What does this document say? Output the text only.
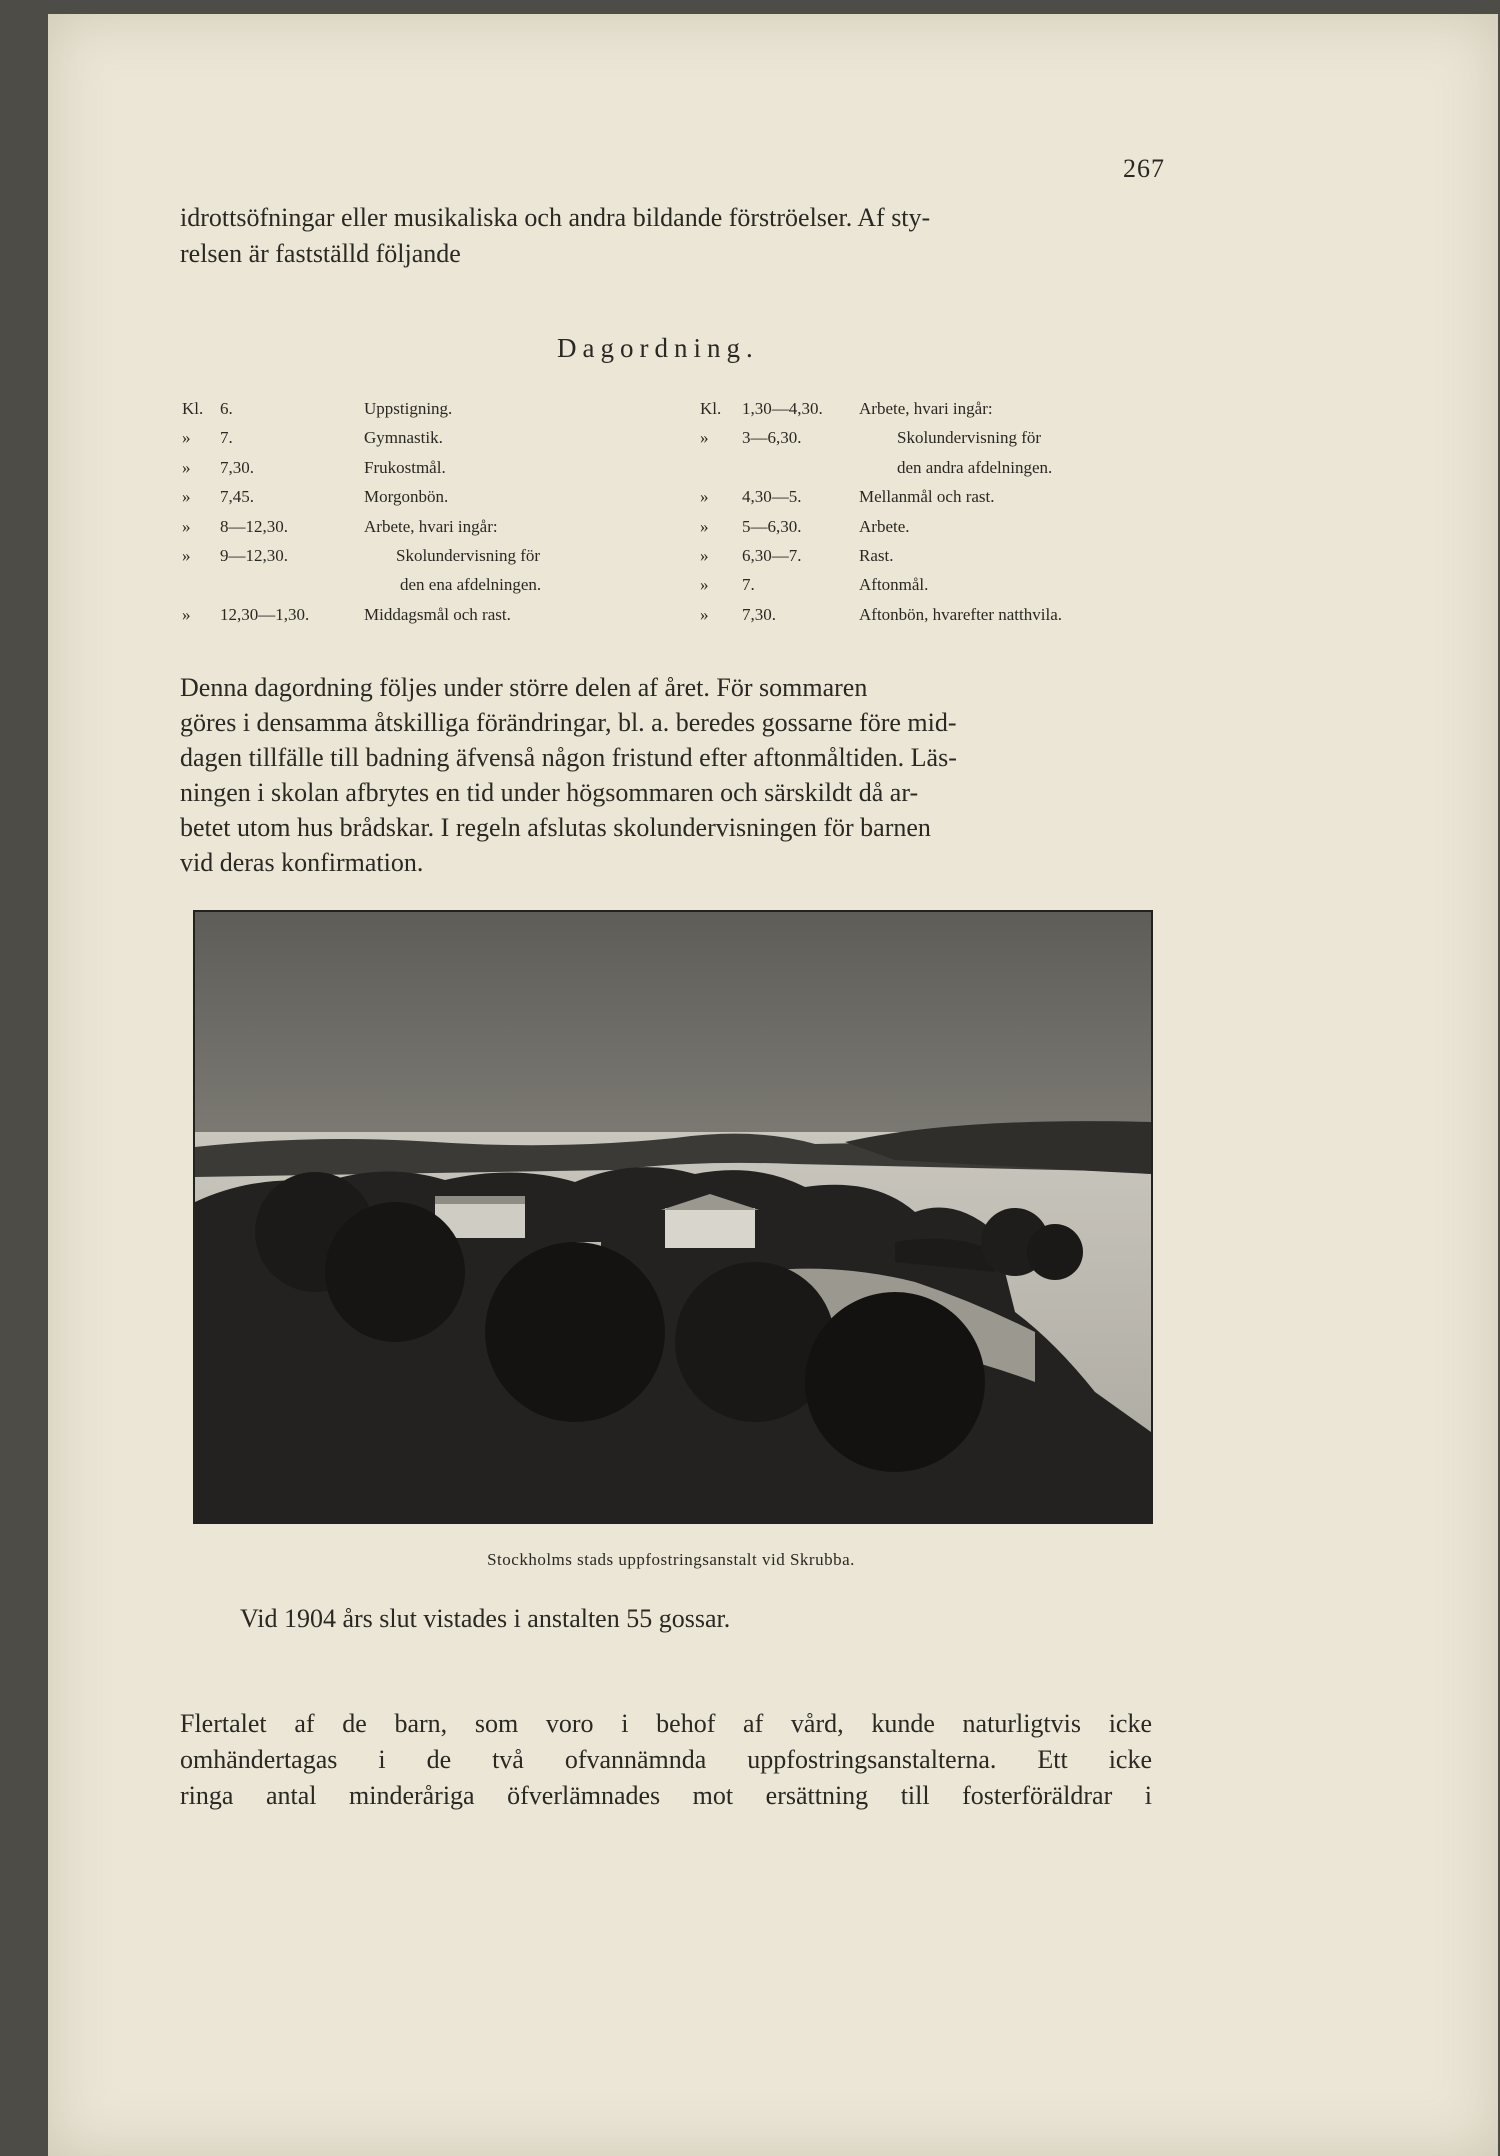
267
idrottsöfningar eller musikaliska och andra bildande förströelser. Af sty-
relsen är fastställd följande
Dagordning.
Kl. 6.	Uppstigning.
»	7.	Gymnastik.
»	7,30.	Frukostmål.
»	7,45.	Morgonbön.
»	8—12,30.	Arbete, hvari ingår:
»	9—12,30.	Skolundervisning för
den ena afdelningen.
»	12,30—1,30.	Middagsmål och rast.
Kl.	1,30—4,30.	Arbete, hvari ingår:
»	3—6,30.	Skolundervisning för
den andra afdelningen.
»	4,30—5.	Mellanmål och rast.
»	5—6,30.	Arbete.
»	6,30—7.	Rast.
»	7.	Aftonmål.
»	7,30.	Aftonbön, hvarefter natthvila.
Denna dagordning följes under större delen af året. För sommaren
göres i densamma åtskilliga förändringar, bl. a. beredes gossarne före mid-
dagen tillfälle till badning äfvenså någon fristund efter aftonmåltiden. Läs-
ningen i skolan afbrytes en tid under högsommaren och särskildt då ar-
betet utom hus brådskar. I regeln afslutas skolundervisningen för barnen
vid deras konfirmation.
Stockholms stads uppfostringsanstalt vid Skrubba.
Vid 1904 års slut vistades i anstalten 55 gossar.
Flertalet af de barn, som voro i behof af vård, kunde naturligtvis icke
omhändertagas i de två ofvannämnda uppfostringsanstalterna. Ett icke
ringa antal minderåriga öfverlämnades mot ersättning till fosterföräldrar i
